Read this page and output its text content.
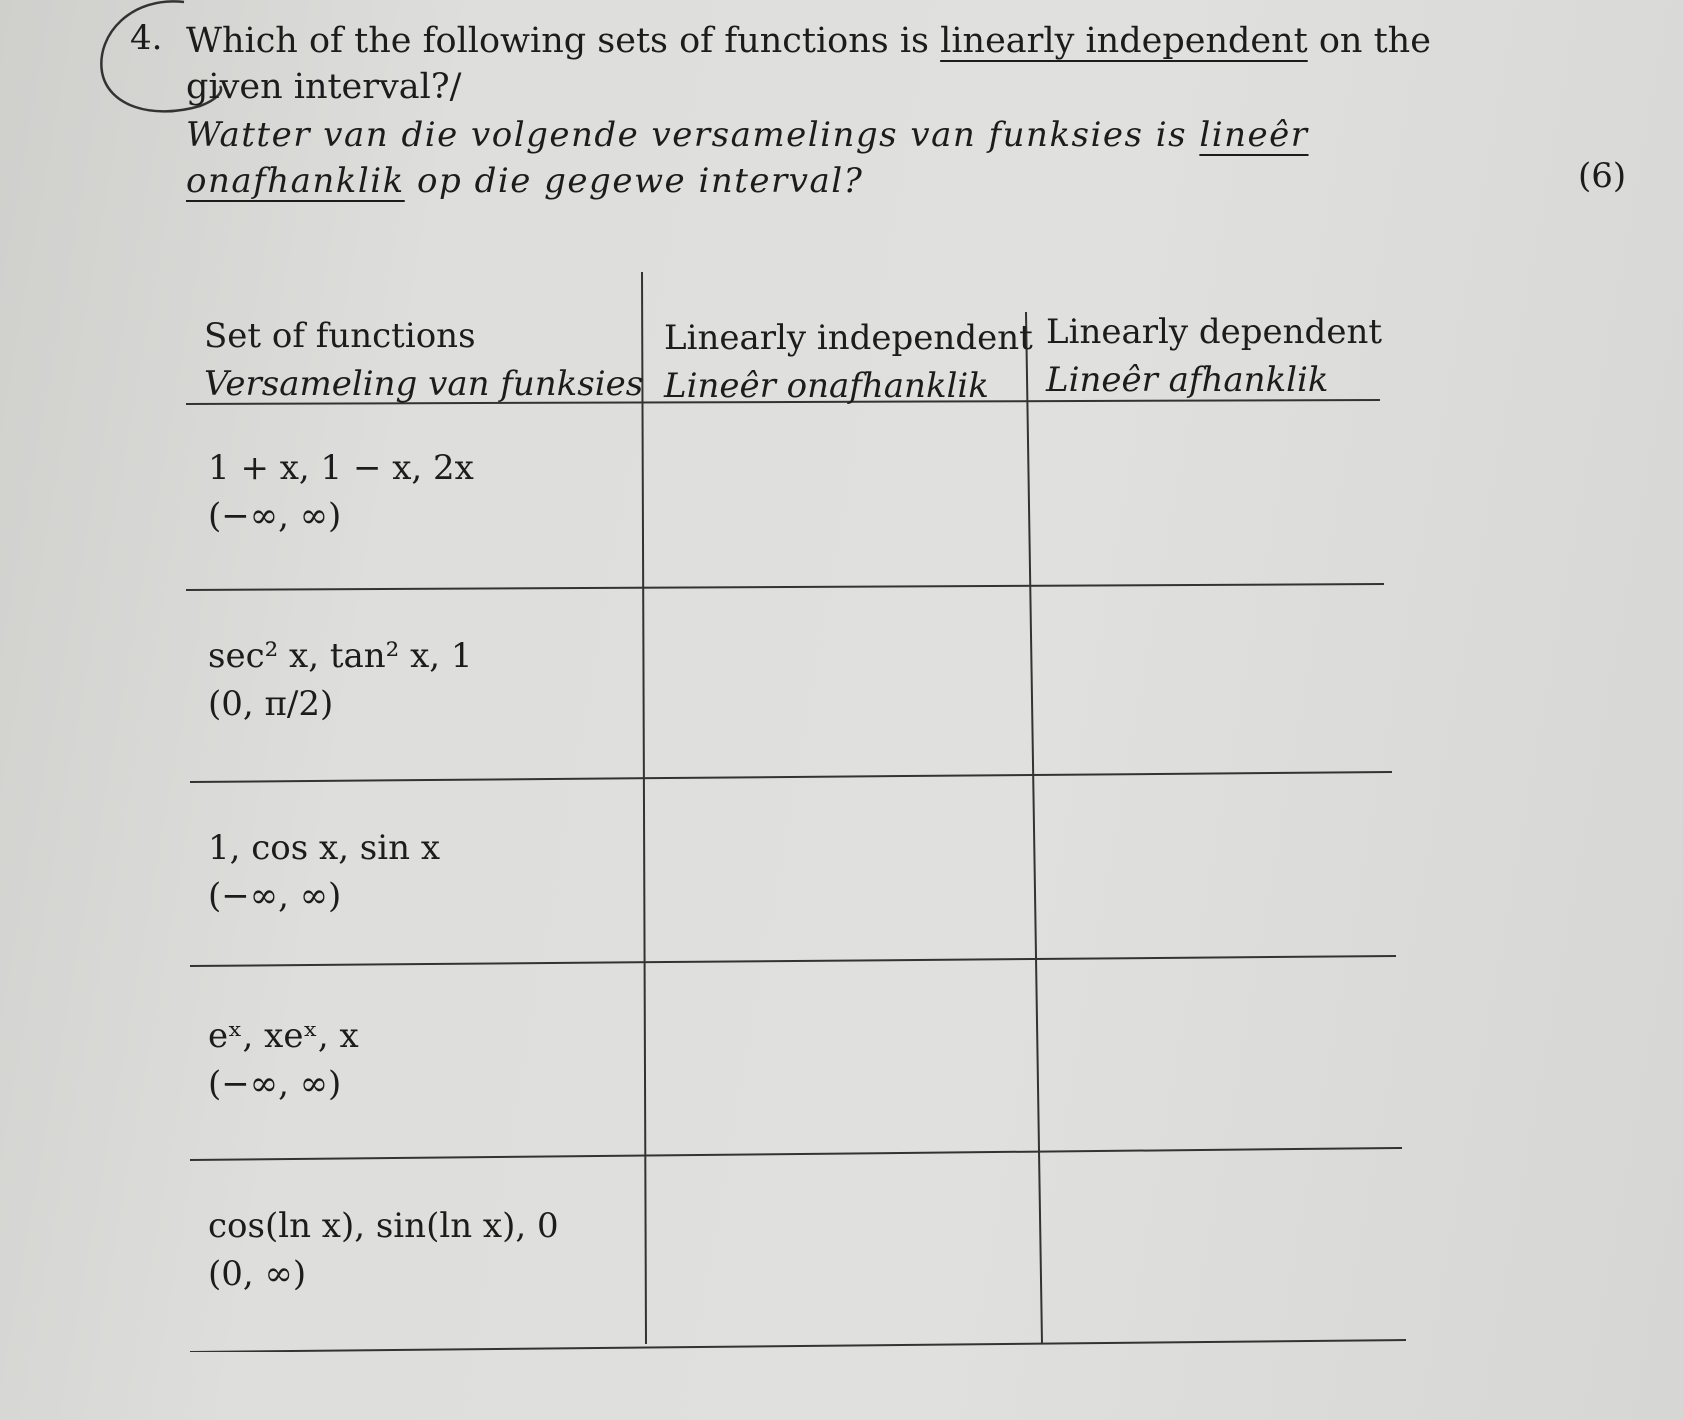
4. Which of the following sets of functions is linearly independent on the given interval?/
Watter van die volgende versamelings van funksies is lineêr onafhanklik op die gegewe interval?	(6)
Set of functions
Versameling van funksies
Linearly independent
Lineêr onafhanklik
Linearly dependent
Lineêr afhanklik
1 + x, 1 − x, 2x
(−∞, ∞)
sec² x, tan² x, 1
(0, π/2)
1, cos x, sin x
(−∞, ∞)
eˣ, xeˣ, x
(−∞, ∞)
cos(ln x), sin(ln x), 0
(0, ∞)
